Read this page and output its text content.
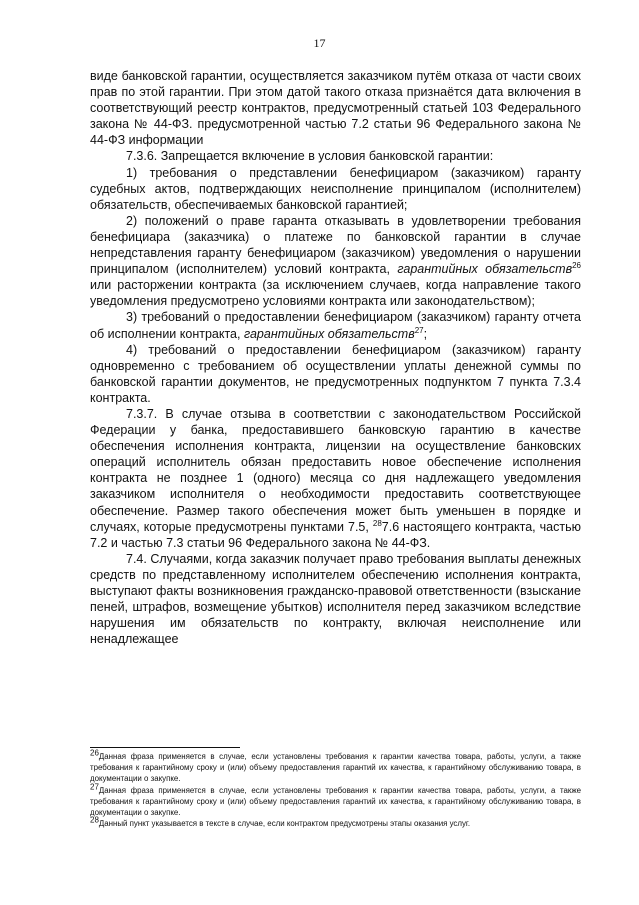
17

виде банковской гарантии, осуществляется заказчиком путём отказа от части своих прав по этой гарантии. При этом датой такого отказа признаётся дата включения в соответствующий реестр контрактов, предусмотренный статьей 103 Федерального закона № 44-ФЗ. предусмотренной частью 7.2 статьи 96 Федерального закона № 44-ФЗ информации

7.3.6. Запрещается включение в условия банковской гарантии:

1) требования о представлении бенефициаром (заказчиком) гаранту судебных актов, подтверждающих неисполнение принципалом (исполнителем) обязательств, обеспечиваемых банковской гарантией;

2) положений о праве гаранта отказывать в удовлетворении требования бенефициара (заказчика) о платеже по банковской гарантии в случае непредставления гаранту бенефициаром (заказчиком) уведомления о нарушении принципалом (исполнителем) условий контракта, гарантийных обязательств$^{26}$ или расторжении контракта (за исключением случаев, когда направление такого уведомления предусмотрено условиями контракта или законодательством);

3) требований о предоставлении бенефициаром (заказчиком) гаранту отчета об исполнении контракта, гарантийных обязательств$^{27}$;

4) требований о предоставлении бенефициаром (заказчиком) гаранту одновременно с требованием об осуществлении уплаты денежной суммы по банковской гарантии документов, не предусмотренных подпунктом 7 пункта 7.3.4 контракта.

7.3.7. В случае отзыва в соответствии с законодательством Российской Федерации у банка, предоставившего банковскую гарантию в качестве обеспечения исполнения контракта, лицензии на осуществление банковских операций исполнитель обязан предоставить новое обеспечение исполнения контракта не позднее 1 (одного) месяца со дня надлежащего уведомления заказчиком исполнителя о необходимости предоставить соответствующее обеспечение. Размер такого обеспечения может быть уменьшен в порядке и случаях, которые предусмотрены пунктами 7.5, $^{28}$7.6 настоящего контракта, частью 7.2 и частью 7.3 статьи 96 Федерального закона № 44-ФЗ.

7.4. Случаями, когда заказчик получает право требования выплаты денежных средств по представленному исполнителем обеспечению исполнения контракта, выступают факты возникновения гражданско-правовой ответственности (взыскание пеней, штрафов, возмещение убытков) исполнителя перед заказчиком вследствие нарушения им обязательств по контракту, включая неисполнение или ненадлежащее

$^{26}$Данная фраза применяется в случае, если установлены требования к гарантии качества товара, работы, услуги, а также требования к гарантийному сроку и (или) объему предоставления гарантий их качества, к гарантийному обслуживанию товара, в документации о закупке.

$^{27}$Данная фраза применяется в случае, если установлены требования к гарантии качества товара, работы, услуги, а также требования к гарантийному сроку и (или) объему предоставления гарантий их качества, к гарантийному обслуживанию товара, в документации о закупке.

$^{28}$Данный пункт указывается в тексте в случае, если контрактом предусмотрены этапы оказания услуг.
